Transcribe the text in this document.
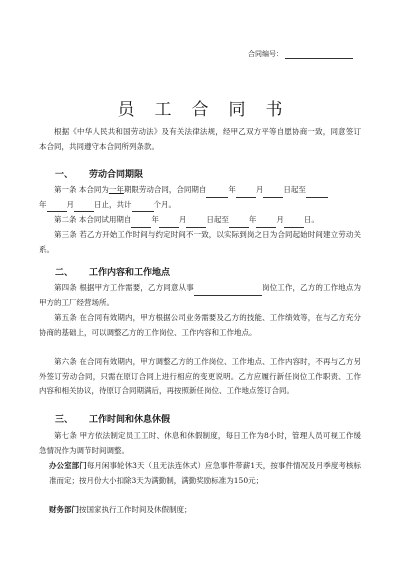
合同编号：
员工合同书

根据《中华人民共和国劳动法》及有关法律法规，经甲乙双方平等自愿协商一致，同意签订本合同，共同遵守本合同所列条款。

一、 劳动合同期限

第一条 本合同为一年期限劳动合同，合同期自	年	月	日起至
年	月	日止，共计	个月。

第二条 本合同试用期自	年	月	日起至	年	月	日。

第三条 若乙方开始工作时间与约定时间不一致，以实际到岗之日为合同起始时间建立劳动关系。

二、 工作内容和工作地点

第四条 根据甲方工作需要，乙方同意从事	岗位工作，乙方的工作地点为甲方的工厂经营场所。

第五条 在合同有效期内，甲方根据公司业务需要及乙方的技能、工作绩效等，在与乙方充分协商的基础上，可以调整乙方的工作岗位、工作内容和工作地点。

第六条 在合同有效期内，甲方调整乙方的工作岗位、工作地点、工作内容时，不再与乙方另外签订劳动合同，只需在原订合同上进行相应的变更说明。乙方应履行新任岗位工作职责、工作内容和相关协议，待原订合同期满后，再按照新任岗位、工作地点签订合同。

三、 工作时间和休息休假

第七条 甲方依法制定员工工时、休息和休假制度，每日工作为8小时，管理人员可视工作缓急情况作为调节时间调整。

办公室部门每月闲事轮休3天（且无法连休式）应急事件带薪1天，按事件情况及月季度考核标准而定；按月份大小扣除3天为满勤制，满勤奖励标准为150元；

财务部门按国家执行工作时间及休假制度；
